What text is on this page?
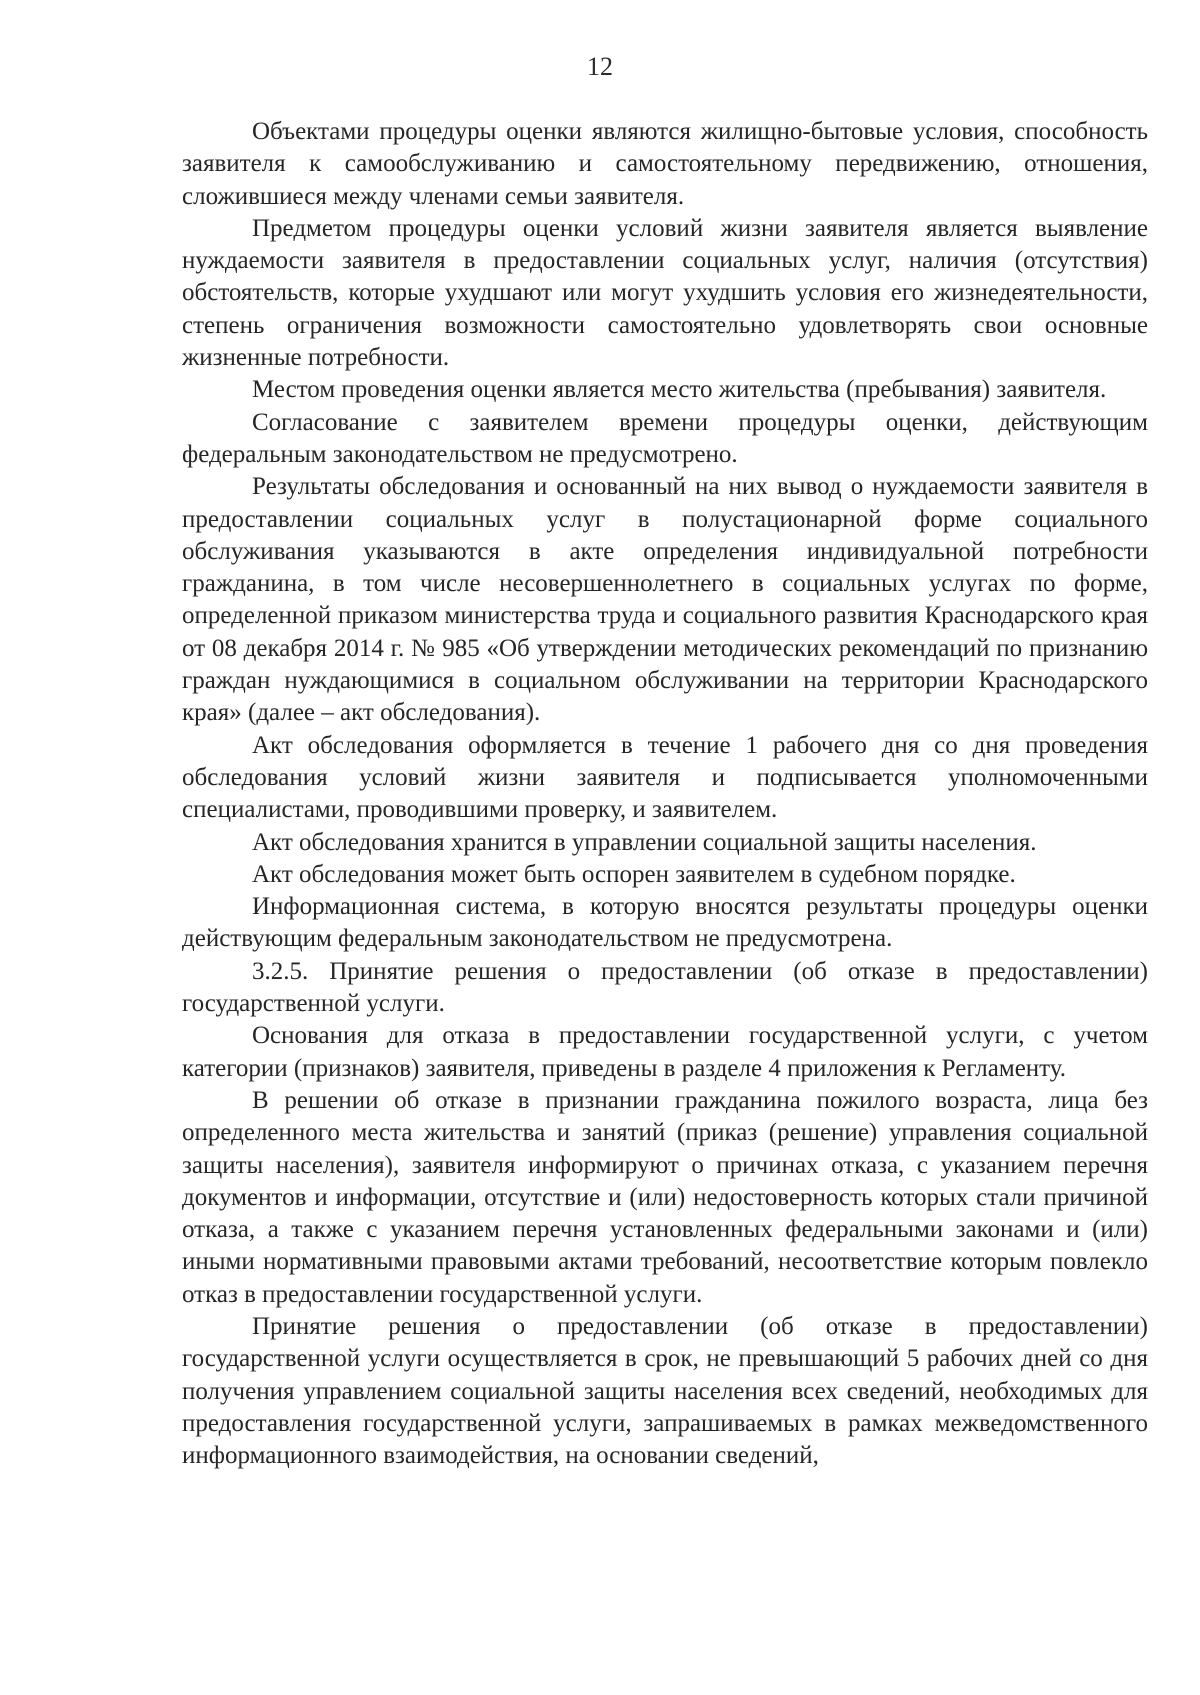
12

Объектами процедуры оценки являются жилищно-бытовые условия, способность заявителя к самообслуживанию и самостоятельному передвижению, отношения, сложившиеся между членами семьи заявителя.

Предметом процедуры оценки условий жизни заявителя является выявление нуждаемости заявителя в предоставлении социальных услуг, наличия (отсутствия) обстоятельств, которые ухудшают или могут ухудшить условия его жизнедеятельности, степень ограничения возможности самостоятельно удовлетворять свои основные жизненные потребности.

Местом проведения оценки является место жительства (пребывания) заявителя.

Согласование с заявителем времени процедуры оценки, действующим федеральным законодательством не предусмотрено.

Результаты обследования и основанный на них вывод о нуждаемости заявителя в предоставлении социальных услуг в полустационарной форме социального обслуживания указываются в акте определения индивидуальной потребности гражданина, в том числе несовершеннолетнего в социальных услугах по форме, определенной приказом министерства труда и социального развития Краснодарского края от 08 декабря 2014 г. № 985 «Об утверждении методических рекомендаций по признанию граждан нуждающимися в социальном обслуживании на территории Краснодарского края» (далее – акт обследования).

Акт обследования оформляется в течение 1 рабочего дня со дня проведения обследования условий жизни заявителя и подписывается уполномоченными специалистами, проводившими проверку, и заявителем.

Акт обследования хранится в управлении социальной защиты населения.

Акт обследования может быть оспорен заявителем в судебном порядке.

Информационная система, в которую вносятся результаты процедуры оценки действующим федеральным законодательством не предусмотрена.

3.2.5. Принятие решения о предоставлении (об отказе в предоставлении) государственной услуги.

Основания для отказа в предоставлении государственной услуги, с учетом категории (признаков) заявителя, приведены в разделе 4 приложения к Регламенту.

В решении об отказе в признании гражданина пожилого возраста, лица без определенного места жительства и занятий (приказ (решение) управления социальной защиты населения), заявителя информируют о причинах отказа, с указанием перечня документов и информации, отсутствие и (или) недостоверность которых стали причиной отказа, а также с указанием перечня установленных федеральными законами и (или) иными нормативными правовыми актами требований, несоответствие которым повлекло отказ в предоставлении государственной услуги.

Принятие решения о предоставлении (об отказе в предоставлении) государственной услуги осуществляется в срок, не превышающий 5 рабочих дней со дня получения управлением социальной защиты населения всех сведений, необходимых для предоставления государственной услуги, запрашиваемых в рамках межведомственного информационного взаимодействия, на основании сведений,
